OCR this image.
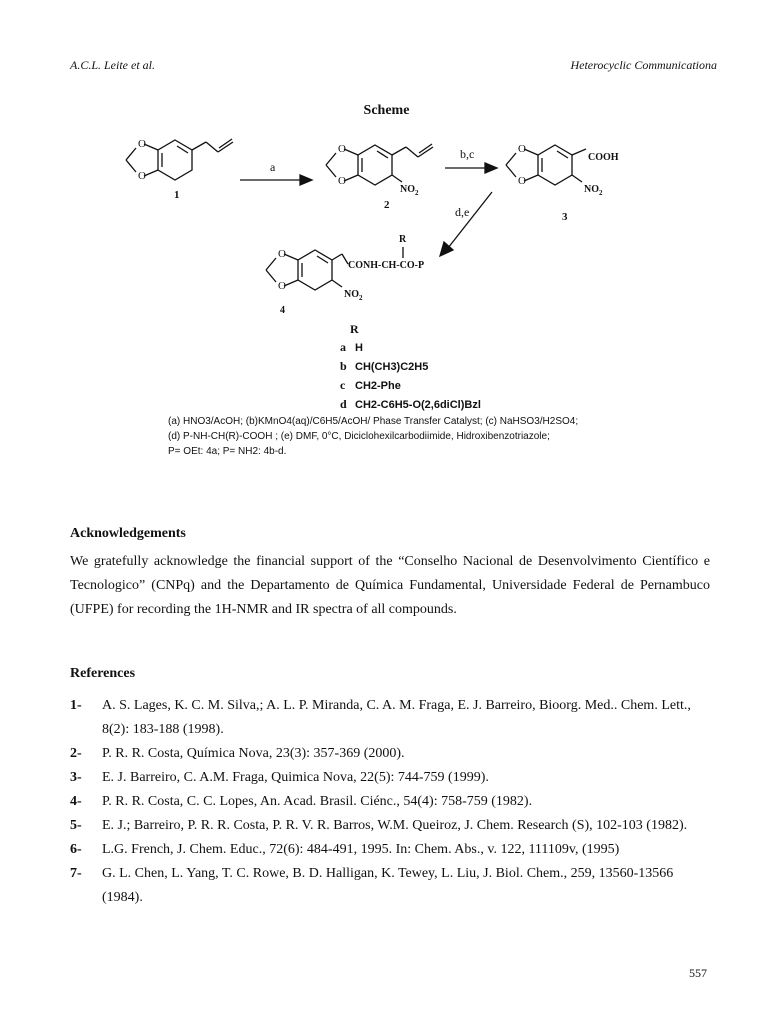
A.C.L. Leite et al.	Heterocyclic Communicationa
Scheme
O
O
1
a
O
O
$NO_2$
2
b,c	O
O
COOH
$NO_2$
3
d,e
O
O
R
CONH-CH-CO-P
$NO_2$
4
R
a H
b CH(CH3)C2H5
c CH2-Phe
d CH2-C6H5-O(2,6diCl)Bzl
(a) HNO3/AcOH; (b)KMnO4(aq)/C6H5/AcOH/ Phase Transfer Catalyst; (c) NaHSO3/H2SO4;
(d) P-NH-CH(R)-COOH ; (e) DMF, 0°C, Diciclohexilcarbodiimide, Hidroxibenzotriazole;
P= OEt: 4a; P= NH2: 4b-d.
Acknowledgements
We gratefully acknowledge the financial support of the “Conselho Nacional de Desenvolvimento Científico e Tecnologico” (CNPq) and the Departamento de Química Fundamental, Universidade Federal de Pernambuco (UFPE) for recording the 1H-NMR and IR spectra of all compounds.
References
1- A. S. Lages, K. C. M. Silva,; A. L. P. Miranda, C. A. M. Fraga, E. J. Barreiro, Bioorg. Med.. Chem. Lett., 8(2): 183-188 (1998).
2- P. R. R. Costa, Química Nova, 23(3): 357-369 (2000).
3- E. J. Barreiro, C. A.M. Fraga, Quimica Nova, 22(5): 744-759 (1999).
4- P. R. R. Costa, C. C. Lopes, An. Acad. Brasil. Ciénc., 54(4): 758-759 (1982).
5- E. J.; Barreiro, P. R. R. Costa, P. R. V. R. Barros, W.M. Queiroz, J. Chem. Research (S), 102-103 (1982).
6- L.G. French, J. Chem. Educ., 72(6): 484-491, 1995. In: Chem. Abs., v. 122, 111109v, (1995)
7- G. L. Chen, L. Yang, T. C. Rowe, B. D. Halligan, K. Tewey, L. Liu, J. Biol. Chem., 259, 13560-13566 (1984).
557
